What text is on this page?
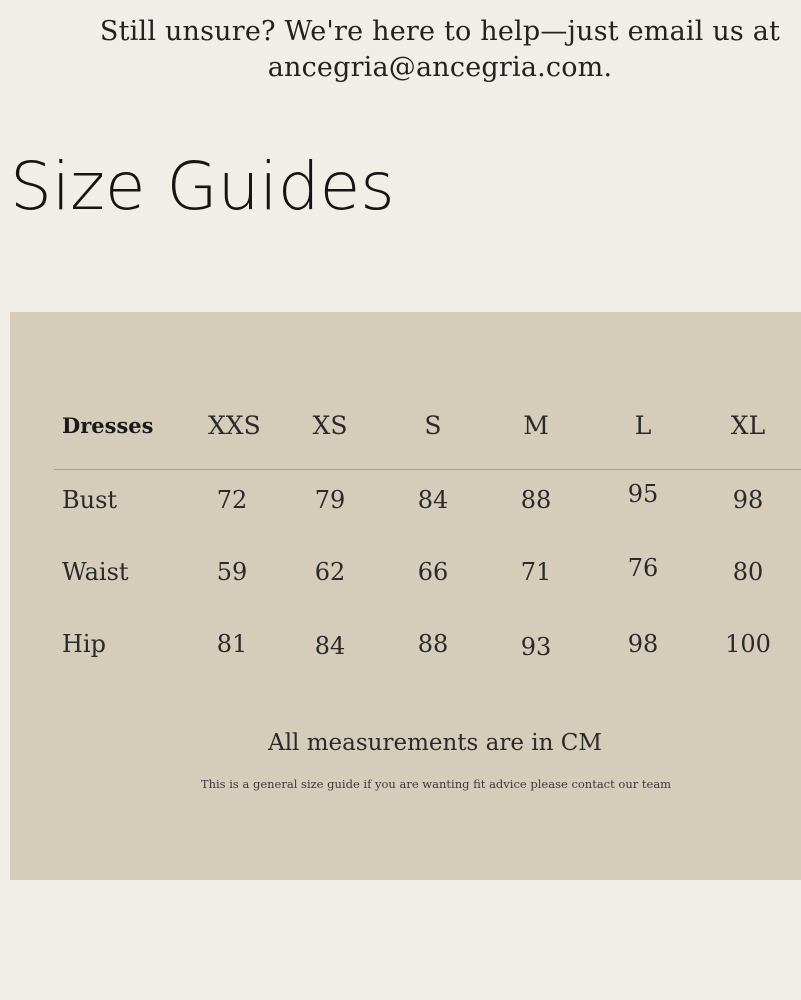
Still unsure? We're here to help—just email us at
ancegria@ancegria.com.
Size Guides
Dresses XXS XS	S	M	L	XL
Bust	72	79	84	88	95	98
Waist	59	62	66	71	76	80
Hip	81	84	88	93	98	100
All measurements are in CM
This is a general size guide if you are wanting fit advice please contact our team
